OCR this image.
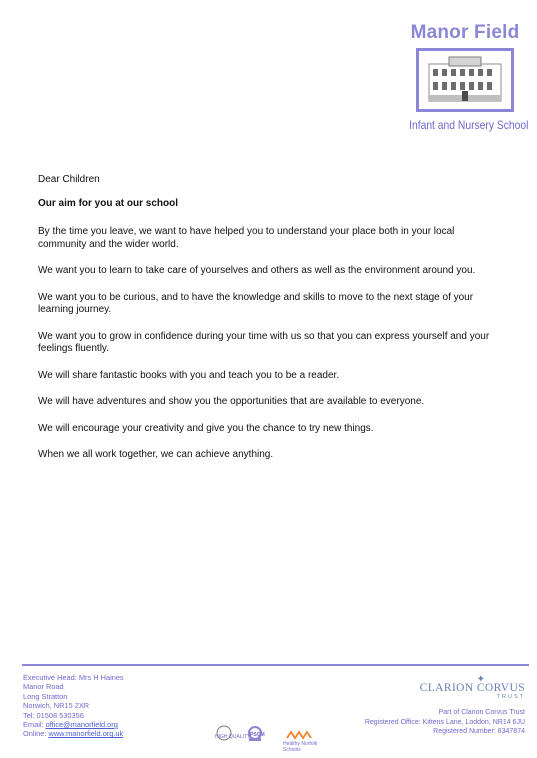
Manor Field
Infant and Nursery School

Dear Children

Our aim for you at our school

By the time you leave, we want to have helped you to understand your place both in your local community and the wider world.

We want you to learn to take care of yourselves and others as well as the environment around you.

We want you to be curious, and to have the knowledge and skills to move to the next stage of your learning journey.

We want you to grow in confidence during your time with us so that you can express yourself and your feelings fluently.

We will share fantastic books with you and teach you to be a reader.

We will have adventures and show you the opportunities that are available to everyone.

We will encourage your creativity and give you the chance to try new things.

When we all work together, we can achieve anything.

Executive Head: Mrs H Haines
Manor Road
Long Stratton
Norwich, NR15 2XR
Tel: 01508 530356
Email: office@manorfield.org
Online: www.manorfield.org.uk	HIGH QUALITY PSQM
Healthy Norfolk Schools
✦
CLARION CORVUS
TRUST
Part of Clarion Corvus Trust
Registered Office: Kittens Lane, Loddon, NR14 6JU
Registered Number: 8347874
